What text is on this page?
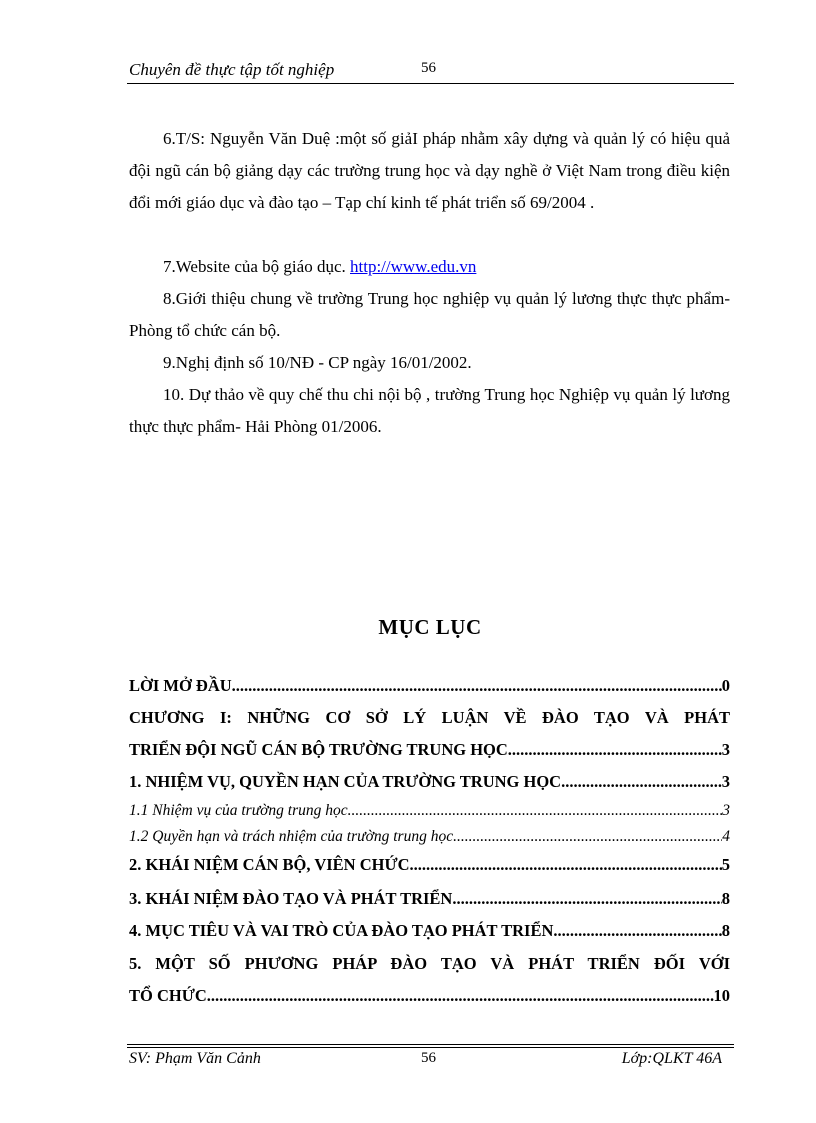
Chuyên đề thực tập tốt nghiệp	56
6.T/S: Nguyễn Văn Duệ :một số giảI pháp nhằm xây dựng và quản lý có hiệu quả đội ngũ cán bộ giảng dạy các trường trung học và dạy nghề ở Việt Nam trong điều kiện đổi mới giáo dục và đào tạo – Tạp chí kinh tế phát triển số 69/2004 .
7.Website của bộ giáo dục. http://www.edu.vn
8.Giới thiệu chung về trường Trung học nghiệp vụ quản lý lương thực thực phẩm- Phòng tổ chức cán bộ.
9.Nghị định số 10/NĐ - CP ngày 16/01/2002.
10. Dự thảo về quy chế thu chi nội bộ , trường Trung học Nghiệp vụ quản lý lương thực thực phẩm- Hải Phòng 01/2006.
MỤC LỤC
LỜI MỞ ĐẦU .....	0
CHƯƠNG I: NHỮNG CƠ SỞ LÝ LUẬN VỀ ĐÀO TẠO VÀ PHÁT
TRIỂN ĐỘI NGŨ CÁN BỘ TRƯỜNG TRUNG HỌC .....	3
1. NHIỆM VỤ, QUYỀN HẠN CỦA TRƯỜNG TRUNG HỌC .....	3
1.1 Nhiệm vụ của trường trung học .....	3
1.2 Quyền hạn và trách nhiệm của trường trung học. .....	4
2. KHÁI NIỆM CÁN BỘ, VIÊN CHỨC .....	5
3. KHÁI NIỆM ĐÀO TẠO VÀ PHÁT TRIỂN. .....	8
4. MỤC TIÊU VÀ VAI TRÒ CỦA ĐÀO TẠO PHÁT TRIỂN .....	8
5. MỘT SỐ PHƯƠNG PHÁP ĐÀO TẠO VÀ PHÁT TRIỂN ĐỐI VỚI
TỔ CHỨC. .....	10
SV: Phạm Văn Cảnh	56	Lớp:QLKT 46A
